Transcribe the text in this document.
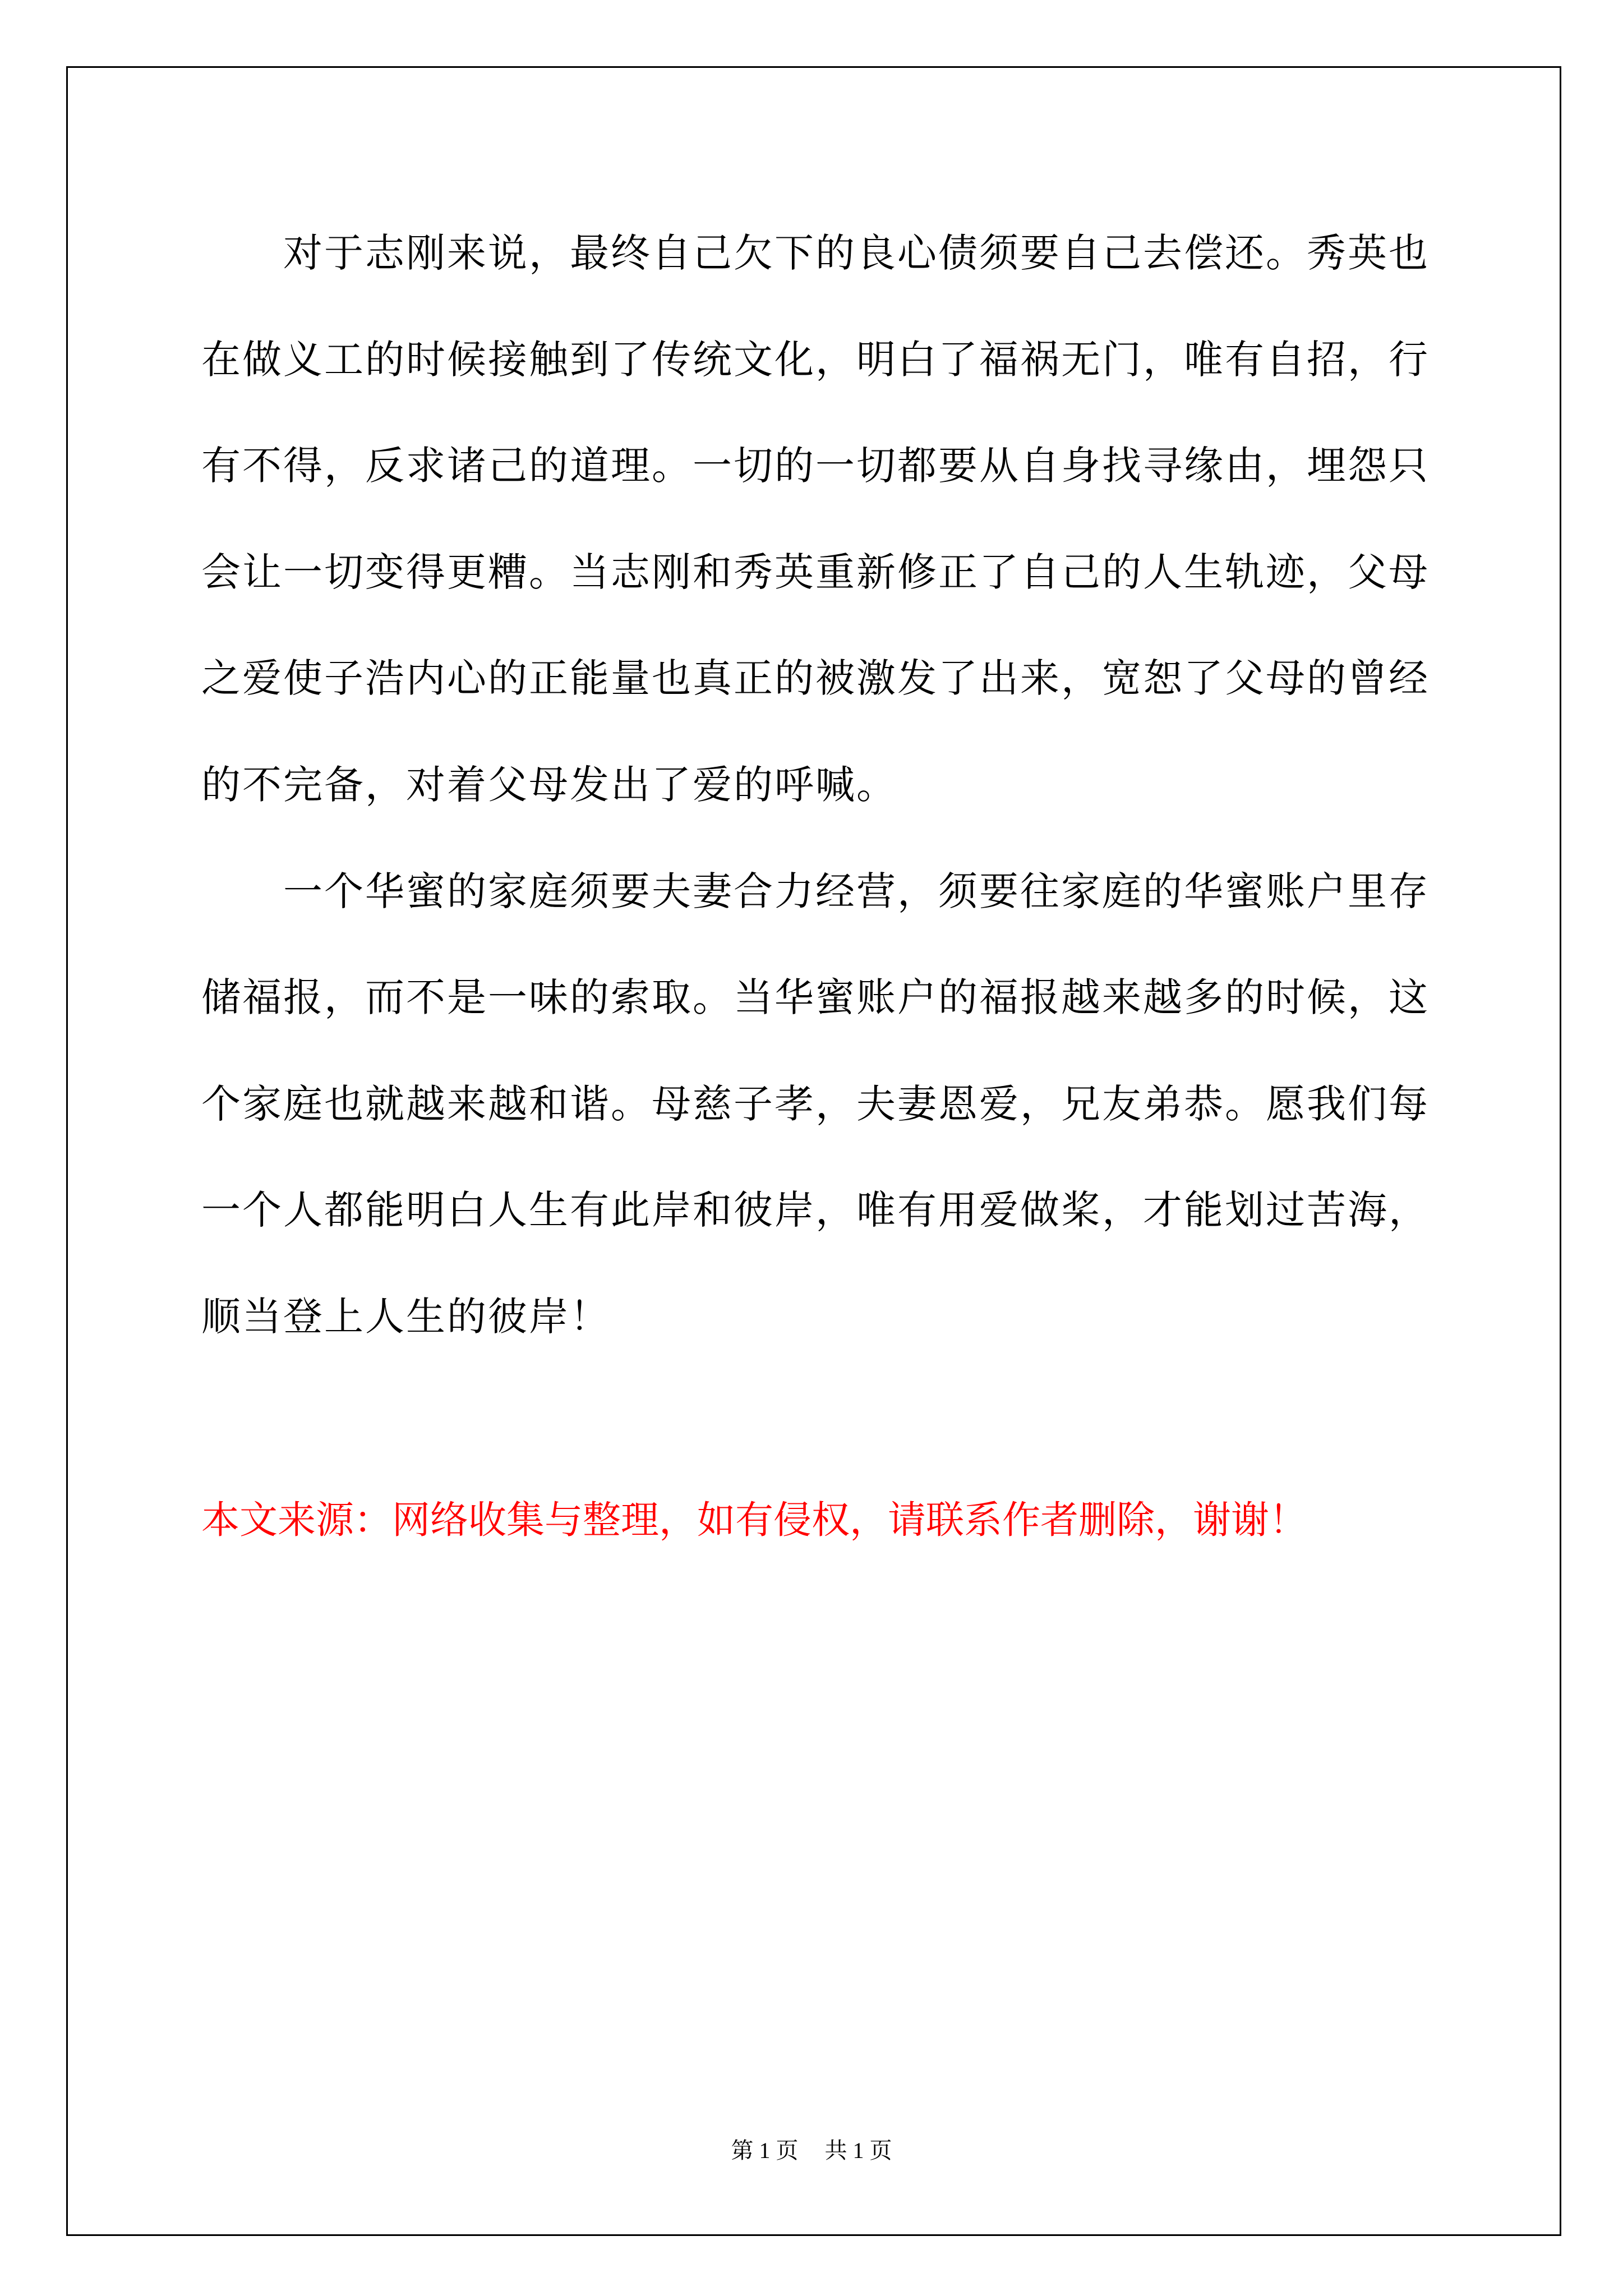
对于志刚来说，最终自己欠下的良心债须要自己去偿还。秀英也
在做义工的时候接触到了传统文化，明白了福祸无门，唯有自招，行
有不得，反求诸己的道理。一切的一切都要从自身找寻缘由，埋怨只
会让一切变得更糟。当志刚和秀英重新修正了自己的人生轨迹，父母
之爱使子浩内心的正能量也真正的被激发了出来，宽恕了父母的曾经
的不完备，对着父母发出了爱的呼喊。
一个华蜜的家庭须要夫妻合力经营，须要往家庭的华蜜账户里存
储福报，而不是一味的索取。当华蜜账户的福报越来越多的时候，这
个家庭也就越来越和谐。母慈子孝，夫妻恩爱，兄友弟恭。愿我们每
一个人都能明白人生有此岸和彼岸，唯有用爱做桨，才能划过苦海，
顺当登上人生的彼岸！
本文来源：网络收集与整理，如有侵权，请联系作者删除，谢谢！
第 1 页 共 1 页
